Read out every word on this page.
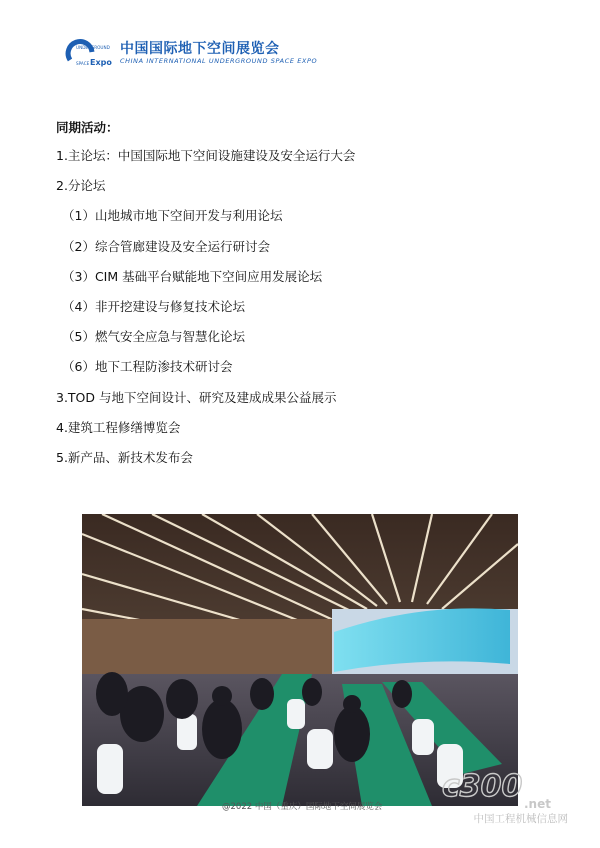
UNDERGROUND
SPACE Expo
中国国际地下空间展览会
CHINA INTERNATIONAL UNDERGROUND SPACE EXPO
同期活动：
1.主论坛：中国国际地下空间设施建设及安全运行大会
2.分论坛
（1）山地城市地下空间开发与利用论坛
（2）综合管廊建设及安全运行研讨会
（3）CIM 基础平台赋能地下空间应用发展论坛
（4）非开挖建设与修复技术论坛
（5）燃气安全应急与智慧化论坛
（6）地下工程防渗技术研讨会
3.TOD 与地下空间设计、研究及建成成果公益展示
4.建筑工程修缮博览会
5.新产品、新技术发布会
@2022 中国（重庆）国际地下空间展览会
c300 .net
中国工程机械信息网
